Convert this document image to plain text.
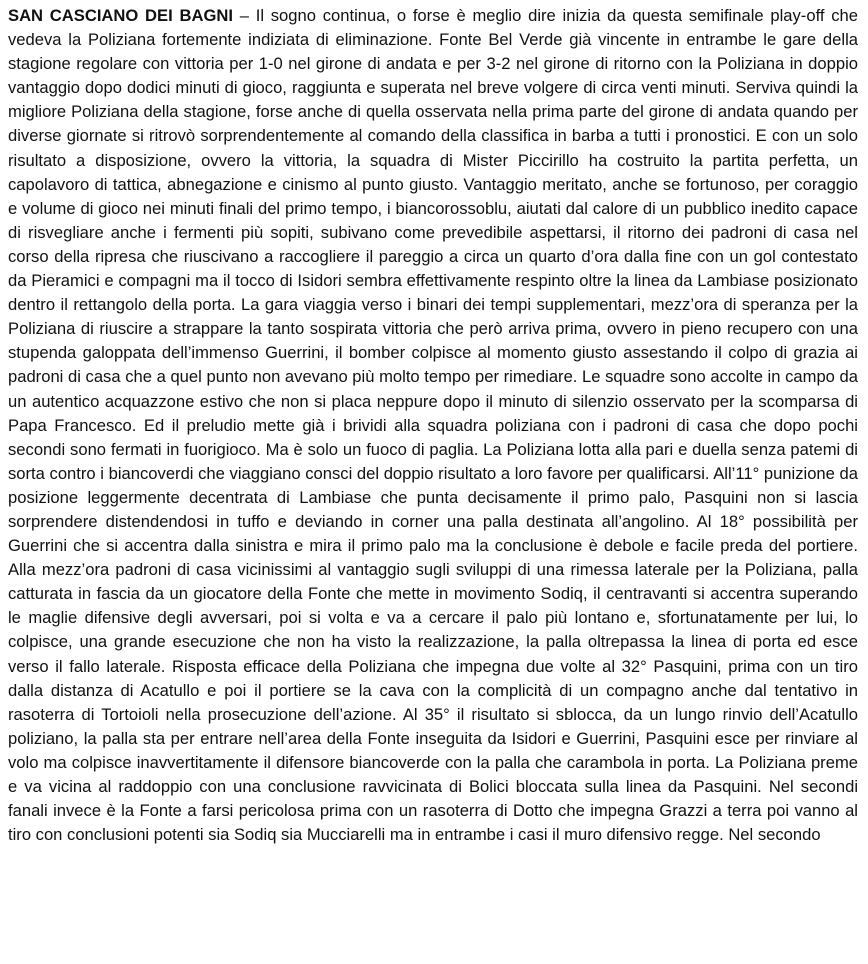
SAN CASCIANO DEI BAGNI – Il sogno continua, o forse è meglio dire inizia da questa semifinale play-off che vedeva la Poliziana fortemente indiziata di eliminazione. Fonte Bel Verde già vincente in entrambe le gare della stagione regolare con vittoria per 1-0 nel girone di andata e per 3-2 nel girone di ritorno con la Poliziana in doppio vantaggio dopo dodici minuti di gioco, raggiunta e superata nel breve volgere di circa venti minuti. Serviva quindi la migliore Poliziana della stagione, forse anche di quella osservata nella prima parte del girone di andata quando per diverse giornate si ritrovò sorprendentemente al comando della classifica in barba a tutti i pronostici. E con un solo risultato a disposizione, ovvero la vittoria, la squadra di Mister Piccirillo ha costruito la partita perfetta, un capolavoro di tattica, abnegazione e cinismo al punto giusto. Vantaggio meritato, anche se fortunoso, per coraggio e volume di gioco nei minuti finali del primo tempo, i biancorossoblu, aiutati dal calore di un pubblico inedito capace di risvegliare anche i fermenti più sopiti, subivano come prevedibile aspettarsi, il ritorno dei padroni di casa nel corso della ripresa che riuscivano a raccogliere il pareggio a circa un quarto d’ora dalla fine con un gol contestato da Pieramici e compagni ma il tocco di Isidori sembra effettivamente respinto oltre la linea da Lambiase posizionato dentro il rettangolo della porta. La gara viaggia verso i binari dei tempi supplementari, mezz’ora di speranza per la Poliziana di riuscire a strappare la tanto sospirata vittoria che però arriva prima, ovvero in pieno recupero con una stupenda galoppata dell’immenso Guerrini, il bomber colpisce al momento giusto assestando il colpo di grazia ai padroni di casa che a quel punto non avevano più molto tempo per rimediare. Le squadre sono accolte in campo da un autentico acquazzone estivo che non si placa neppure dopo il minuto di silenzio osservato per la scomparsa di Papa Francesco. Ed il preludio mette già i brividi alla squadra poliziana con i padroni di casa che dopo pochi secondi sono fermati in fuorigioco. Ma è solo un fuoco di paglia. La Poliziana lotta alla pari e duella senza patemi di sorta contro i biancoverdi che viaggiano consci del doppio risultato a loro favore per qualificarsi. All’11° punizione da posizione leggermente decentrata di Lambiase che punta decisamente il primo palo, Pasquini non si lascia sorprendere distendendosi in tuffo e deviando in corner una palla destinata all’angolino. Al 18° possibilità per Guerrini che si accentra dalla sinistra e mira il primo palo ma la conclusione è debole e facile preda del portiere. Alla mezz’ora padroni di casa vicinissimi al vantaggio sugli sviluppi di una rimessa laterale per la Poliziana, palla catturata in fascia da un giocatore della Fonte che mette in movimento Sodiq, il centravanti si accentra superando le maglie difensive degli avversari, poi si volta e va a cercare il palo più lontano e, sfortunatamente per lui, lo colpisce, una grande esecuzione che non ha visto la realizzazione, la palla oltrepassa la linea di porta ed esce verso il fallo laterale. Risposta efficace della Poliziana che impegna due volte al 32° Pasquini, prima con un tiro dalla distanza di Acatullo e poi il portiere se la cava con la complicità di un compagno anche dal tentativo in rasoterra di Tortoioli nella prosecuzione dell’azione. Al 35° il risultato si sblocca, da un lungo rinvio dell’Acatullo poliziano, la palla sta per entrare nell’area della Fonte inseguita da Isidori e Guerrini, Pasquini esce per rinviare al volo ma colpisce inavvertitamente il difensore biancoverde con la palla che carambola in porta. La Poliziana preme e va vicina al raddoppio con una conclusione ravvicinata di Bolici bloccata sulla linea da Pasquini. Nel secondi fanali invece è la Fonte a farsi pericolosa prima con un rasoterra di Dotto che impegna Grazzi a terra poi vanno al tiro con conclusioni potenti sia Sodiq sia Mucciarelli ma in entrambe i casi il muro difensivo regge. Nel secondo
